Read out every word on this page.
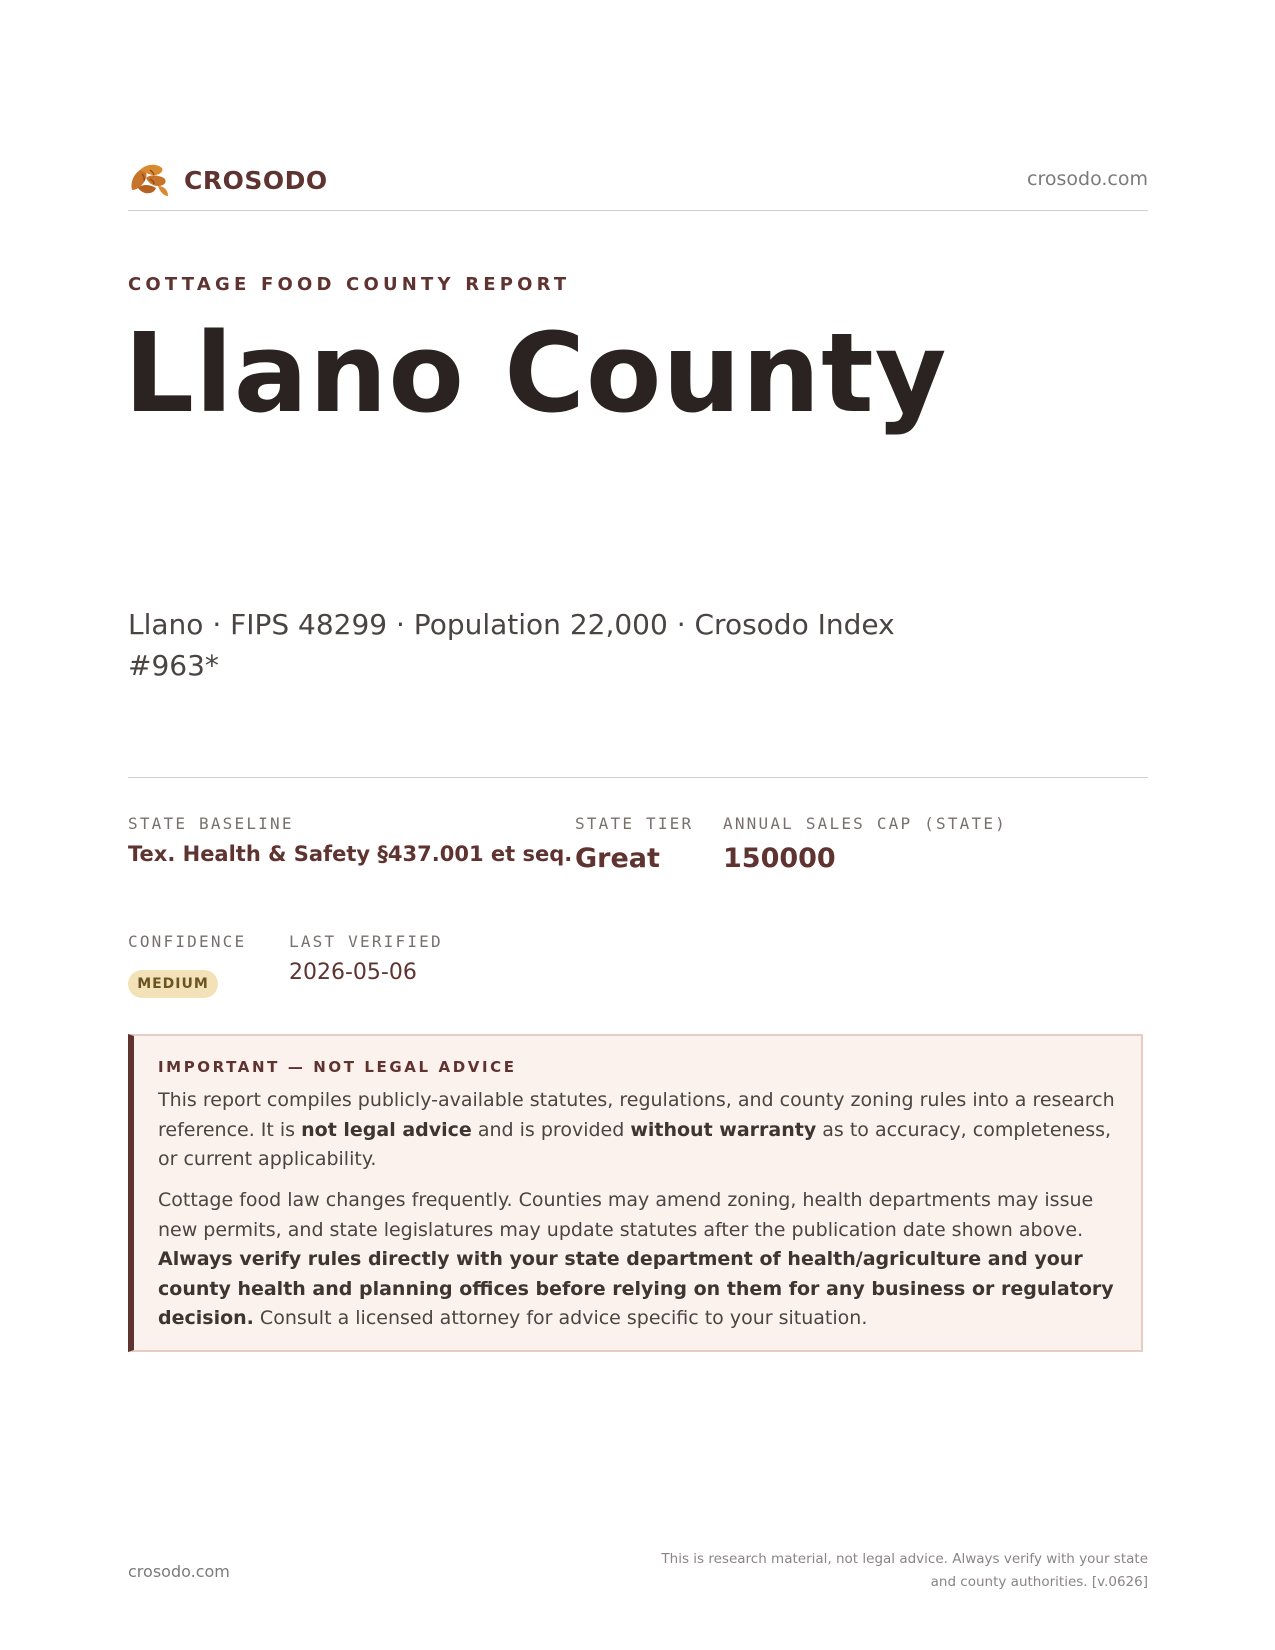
CROSODO	crosodo.com
COTTAGE FOOD COUNTY REPORT
Llano County
Llano · FIPS 48299 · Population 22,000 · Crosodo Index #963*
STATE BASELINE
Tex. Health & Safety §437.001 et seq.
STATE TIER
Great
ANNUAL SALES CAP (STATE)
150000
CONFIDENCE
MEDIUM
LAST VERIFIED
2026-05-06
IMPORTANT — NOT LEGAL ADVICE
This report compiles publicly-available statutes, regulations, and county zoning rules into a research reference. It is not legal advice and is provided without warranty as to accuracy, completeness, or current applicability.
Cottage food law changes frequently. Counties may amend zoning, health departments may issue new permits, and state legislatures may update statutes after the publication date shown above. Always verify rules directly with your state department of health/agriculture and your county health and planning offices before relying on them for any business or regulatory decision. Consult a licensed attorney for advice specific to your situation.
crosodo.com
This is research material, not legal advice. Always verify with your state
and county authorities. [v.0626]
